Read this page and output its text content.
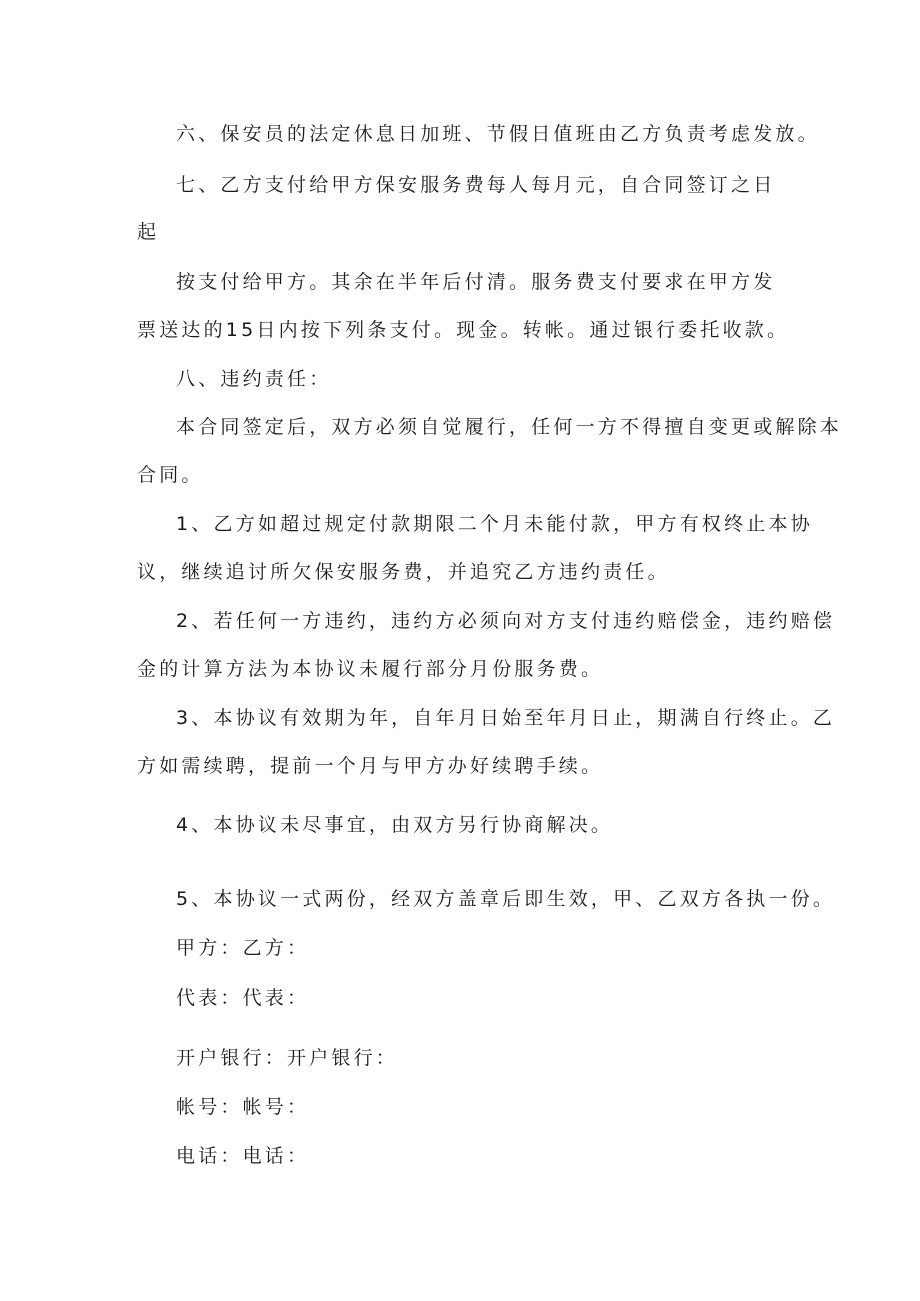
六、保安员的法定休息日加班、节假日值班由乙方负责考虑发放。

七、乙方支付给甲方保安服务费每人每月元，自合同签订之日

起

按支付给甲方。其余在半年后付清。服务费支付要求在甲方发

票送达的15日内按下列条支付。现金。转帐。通过银行委托收款。

八、违约责任：

本合同签定后，双方必须自觉履行，任何一方不得擅自变更或解除本

合同。

1、乙方如超过规定付款期限二个月未能付款，甲方有权终止本协

议，继续追讨所欠保安服务费，并追究乙方违约责任。

2、若任何一方违约，违约方必须向对方支付违约赔偿金，违约赔偿

金的计算方法为本协议未履行部分月份服务费。

3、本协议有效期为年，自年月日始至年月日止，期满自行终止。乙

方如需续聘，提前一个月与甲方办好续聘手续。

4、本协议未尽事宜，由双方另行协商解决。

5、本协议一式两份，经双方盖章后即生效，甲、乙双方各执一份。

甲方：乙方：

代表：代表：

开户银行：开户银行：

帐号：帐号：

电话：电话：
